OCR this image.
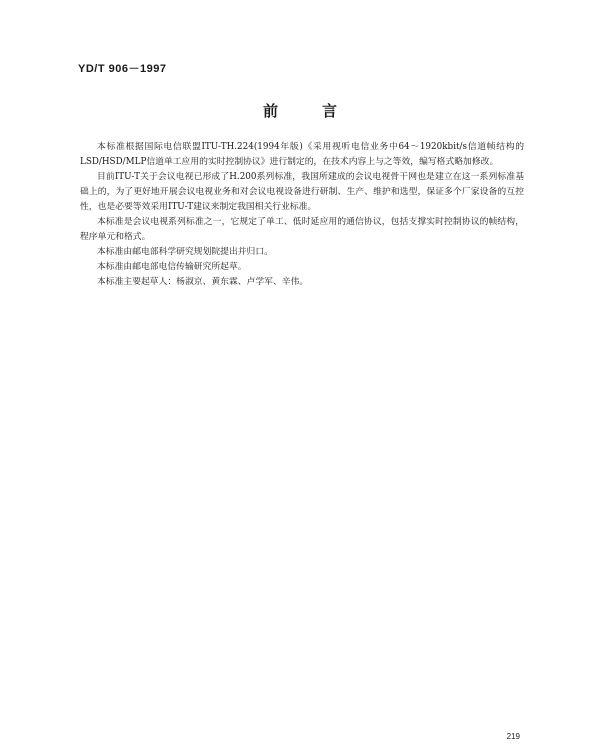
YD/T 906－1997
前言

本标准根据国际电信联盟ITU-TH.224(1994年版)《采用视听电信业务中64～1920kbit/s信道帧结构的LSD/HSD/MLP信道单工应用的实时控制协议》进行制定的，在技术内容上与之等效，编写格式略加修改。

目前ITU-T关于会议电视已形成了H.200系列标准，我国所建成的会议电视骨干网也是建立在这一系列标准基础上的，为了更好地开展会议电视业务和对会议电视设备进行研制、生产、维护和选型，保证多个厂家设备的互控性，也是必要等效采用ITU-T建议来制定我国相关行业标准。

本标准是会议电视系列标准之一，它规定了单工、低时延应用的通信协议，包括支撑实时控制协议的帧结构，程序单元和格式。

本标准由邮电部科学研究规划院提出并归口。

本标准由邮电部电信传输研究所起草。

本标准主要起草人：杨淑京、黄东霖、卢学军、辛伟。

219
